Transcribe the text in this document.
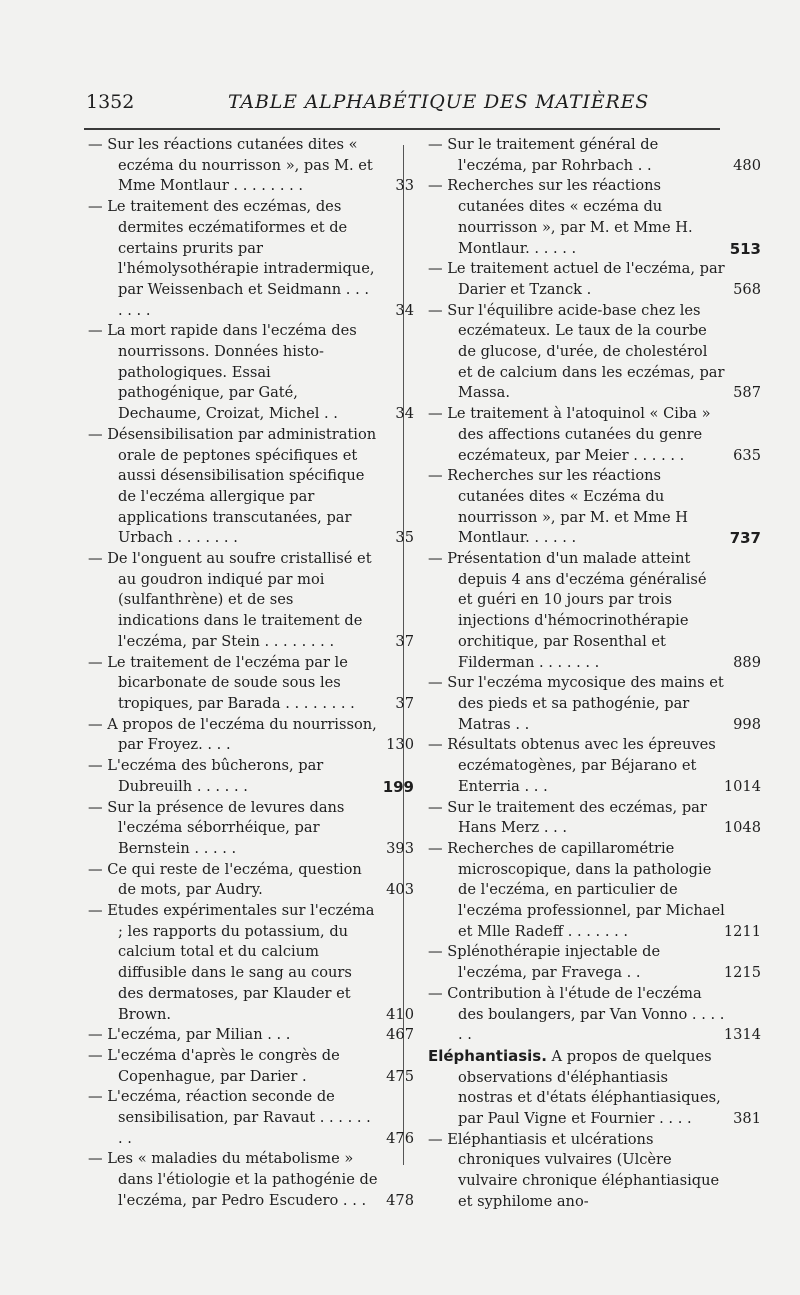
1352	TABLE ALPHABÉTIQUE DES MATIÈRES
— Sur les réactions cutanées dites « eczéma du nourrisson », pas M. et Mme Montlaur . . . . . . . .	33
— Le traitement des eczémas, des dermites eczématiformes et de certains prurits par l'hémolysothérapie intradermique, par Weissenbach et Seidmann . . . . . . .	34
— La mort rapide dans l'eczéma des nourrissons. Données histo-pathologiques. Essai pathogénique, par Gaté, Dechaume, Croizat, Michel . .	34
— Désensibilisation par administration orale de peptones spécifiques et aussi désensibilisation spécifique de l'eczéma allergique par applications transcutanées, par Urbach . . . . . . .	35
— De l'onguent au soufre cristallisé et au goudron indiqué par moi (sulfanthrène) et de ses indications dans le traitement de l'eczéma, par Stein . . . . . . . .	37
— Le traitement de l'eczéma par le bicarbonate de soude sous les tropiques, par Barada . . . . . . . .	37
— A propos de l'eczéma du nourrisson, par Froyez. . . .	130
— L'eczéma des bûcherons, par Dubreuilh . . . . . .	199
— Sur la présence de levures dans l'eczéma séborrhéique, par Bernstein . . . . .	393
— Ce qui reste de l'eczéma, question de mots, par Audry.	403
— Etudes expérimentales sur l'eczéma ; les rapports du potassium, du calcium total et du calcium diffusible dans le sang au cours des dermatoses, par Klauder et Brown.	410
— L'eczéma, par Milian . . .	467
— L'eczéma d'après le congrès de Copenhague, par Darier .	475
— L'eczéma, réaction seconde de sensibilisation, par Ravaut . . . . . . . .	476
— Les « maladies du métabolisme » dans l'étiologie et la pathogénie de l'eczéma, par Pedro Escudero . . .	478
— Sur le traitement général de l'eczéma, par Rohrbach . .	480
— Recherches sur les réactions cutanées dites « eczéma du nourrisson », par M. et Mme H. Montlaur. . . . . .	513
— Le traitement actuel de l'eczéma, par Darier et Tzanck .	568
— Sur l'équilibre acide-base chez les eczémateux. Le taux de la courbe de glucose, d'urée, de cholestérol et de calcium dans les eczémas, par Massa.	587
— Le traitement à l'atoquinol « Ciba » des affections cutanées du genre eczémateux, par Meier . . . . . .	635
— Recherches sur les réactions cutanées dites « Eczéma du nourrisson », par M. et Mme H Montlaur. . . . . .	737
— Présentation d'un malade atteint depuis 4 ans d'eczéma généralisé et guéri en 10 jours par trois injections d'hémocrinothérapie orchitique, par Rosenthal et Filderman . . . . . . .	889
— Sur l'eczéma mycosique des mains et des pieds et sa pathogénie, par Matras . .	998
— Résultats obtenus avec les épreuves eczématogènes, par Béjarano et Enterria . . .	1014
— Sur le traitement des eczémas, par Hans Merz . . .	1048
— Recherches de capillarométrie microscopique, dans la pathologie de l'eczéma, en particulier de l'eczéma professionnel, par Michael et Mlle Radeff . . . . . . .	1211
— Splénothérapie injectable de l'eczéma, par Fravega . .	1215
— Contribution à l'étude de l'eczéma des boulangers, par Van Vonno . . . . . .	1314
Eléphantiasis. A propos de quelques observations d'éléphantiasis nostras et d'états éléphantiasiques, par Paul Vigne et Fournier . . . .	381
— Eléphantiasis et ulcérations chroniques vulvaires (Ulcère vulvaire chronique éléphantiasique et syphilome ano-
